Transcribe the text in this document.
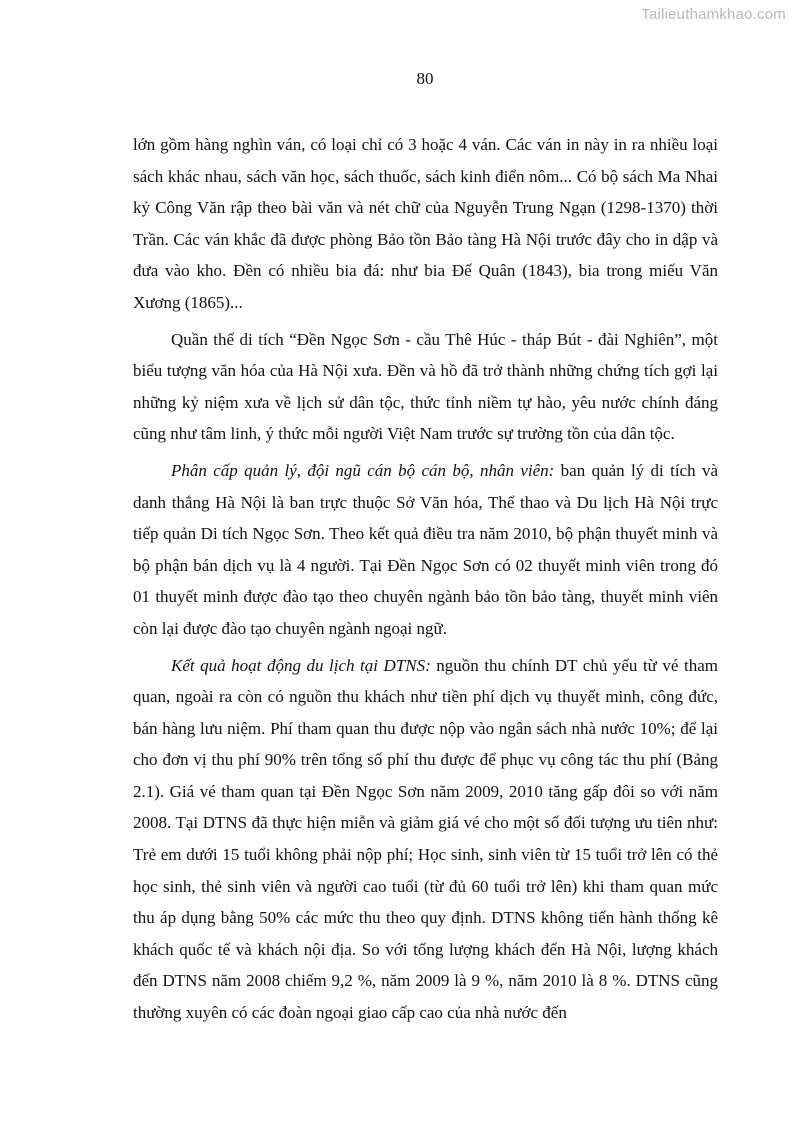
Tailieuthamkhao.com
80

lớn gồm hàng nghìn ván, có loại chỉ có 3 hoặc 4 ván. Các ván in này in ra nhiều loại sách khác nhau, sách văn học, sách thuốc, sách kinh điển nôm... Có bộ sách Ma Nhai kỷ Công Văn rập theo bài văn và nét chữ của Nguyễn Trung Ngạn (1298-1370) thời Trần. Các ván khắc đã được phòng Bảo tồn Bảo tàng Hà Nội trước đây cho in dập và đưa vào kho. Đền có nhiều bia đá: như bia Đế Quân (1843), bia trong miếu Văn Xương (1865)...

Quần thể di tích “Đền Ngọc Sơn - cầu Thê Húc - tháp Bút - đài Nghiên”, một biểu tượng văn hóa của Hà Nội xưa. Đền và hồ đã trở thành những chứng tích gợi lại những kỷ niệm xưa về lịch sử dân tộc, thức tỉnh niềm tự hào, yêu nước chính đáng cũng như tâm linh, ý thức mỗi người Việt Nam trước sự trường tồn của dân tộc.

Phân cấp quản lý, đội ngũ cán bộ cán bộ, nhân viên: ban quản lý di tích và danh thắng Hà Nội là ban trực thuộc Sở Văn hóa, Thể thao và Du lịch Hà Nội trực tiếp quản Di tích Ngọc Sơn. Theo kết quả điều tra năm 2010, bộ phận thuyết minh và bộ phận bán dịch vụ là 4 người. Tại Đền Ngọc Sơn có 02 thuyết minh viên trong đó 01 thuyết minh được đào tạo theo chuyên ngành bảo tồn bảo tàng, thuyết minh viên còn lại được đào tạo chuyên ngành ngoại ngữ.

Kết quả hoạt động du lịch tại DTNS: nguồn thu chính DT chủ yếu từ vé tham quan, ngoài ra còn có nguồn thu khách như tiền phí dịch vụ thuyết minh, công đức, bán hàng lưu niệm. Phí tham quan thu được nộp vào ngân sách nhà nước 10%; để lại cho đơn vị thu phí 90% trên tổng số phí thu được để phục vụ công tác thu phí (Bảng 2.1). Giá vé tham quan tại Đền Ngọc Sơn năm 2009, 2010 tăng gấp đôi so với năm 2008. Tại DTNS đã thực hiện miễn và giảm giá vé cho một số đối tượng ưu tiên như: Trẻ em dưới 15 tuổi không phải nộp phí; Học sinh, sinh viên từ 15 tuổi trở lên có thẻ học sinh, thẻ sinh viên và người cao tuổi (từ đủ 60 tuổi trở lên) khi tham quan mức thu áp dụng bằng 50% các mức thu theo quy định. DTNS không tiến hành thống kê khách quốc tế và khách nội địa. So với tổng lượng khách đến Hà Nội, lượng khách đến DTNS năm 2008 chiếm 9,2 %, năm 2009 là 9 %, năm 2010 là 8 %. DTNS cũng thường xuyên có các đoàn ngoại giao cấp cao của nhà nước đến
